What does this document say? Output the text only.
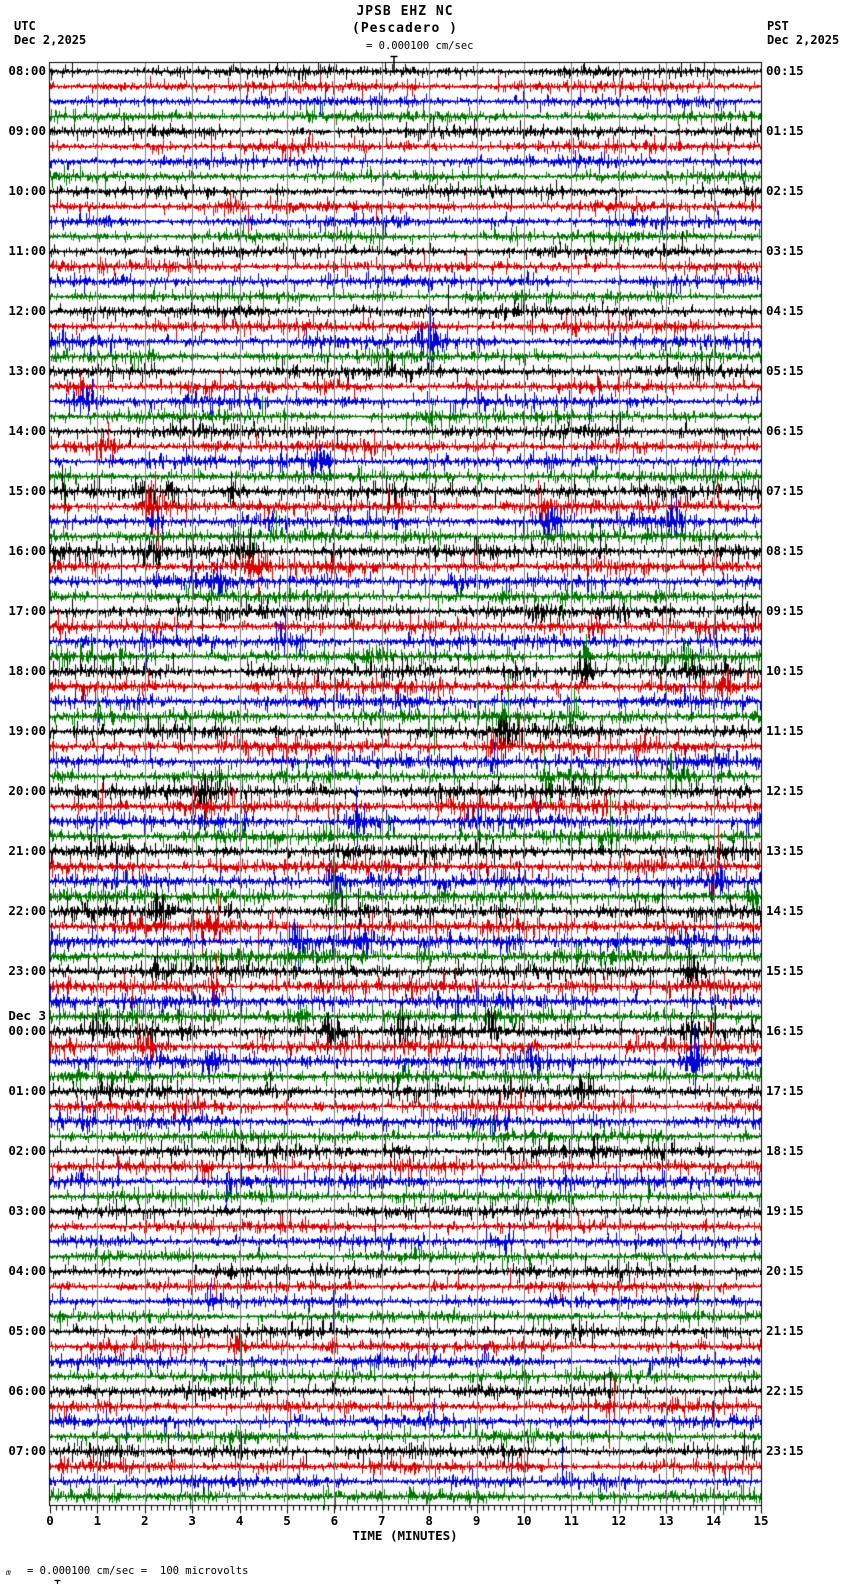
JPSB EHZ NC
(Pescadero )
UTC
Dec 2,2025
PST
Dec 2,2025

= 0.000100 cm/sec
08:00
09:00
10:00
11:00
12:00
13:00
14:00
15:00
16:00
17:00
18:00
19:00
20:00
21:00
22:00
23:00
Dec 3
00:00
01:00
02:00
03:00
04:00
05:00
06:00
07:00
00:15
01:15
02:15
03:15
04:15
05:15
06:15
07:15
08:15
09:15
10:15
11:15
12:15
13:15
14:15
15:15
16:15
17:15
18:15
19:15
20:15
21:15
22:15
23:15
0	1	2	3	4	5	6	7	8	9	10	11	12	13	14	15
TIME (MINUTES)
m

= 0.000100 cm/sec = 100 microvolts
